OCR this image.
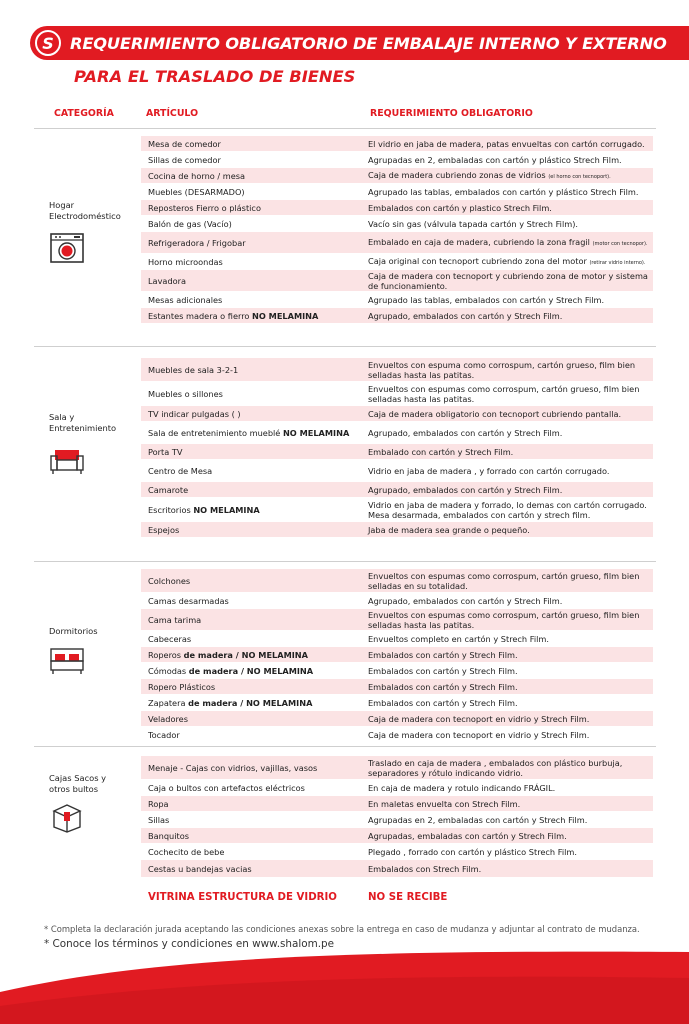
S REQUERIMIENTO OBLIGATORIO DE EMBALAJE INTERNO Y EXTERNO
PARA EL TRASLADO DE BIENES
CATEGORÍA	ARTÍCULO	REQUERIMIENTO OBLIGATORIO
Hogar
Electrodoméstico
Mesa de comedor	El vidrio en jaba de madera, patas envueltas con cartón corrugado.
Sillas de comedor	Agrupadas en 2, embaladas con cartón y plástico Strech Film.
Cocina de horno / mesa	Caja de madera cubriendo zonas de vidrios (el horno con tecnoport).
Muebles (DESARMADO)	Agrupado las tablas, embalados con cartón y plástico Strech Film.
Reposteros Fierro o plástico	Embalados con cartón y plastico Strech Film.
Balón de gas (Vacío)	Vacío sin gas (válvula tapada cartón y Strech Film).
Refrigeradora / Frigobar	Embalado en caja de madera, cubriendo la zona fragil (motor con tecnopor).
Horno microondas	Caja original con tecnoport cubriendo zona del motor (retirar vidrio interno).
Lavadora	Caja de madera con tecnoport y cubriendo zona de motor y sistema de funcionamiento.
Mesas adicionales	Agrupado las tablas, embalados con cartón y Strech Film.
Estantes madera o fierro NO MELAMINA	Agrupado, embalados con cartón y Strech Film.
Sala y
Entretenimiento
Muebles de sala 3-2-1	Envueltos con espuma como corrospum, cartón grueso, film bien selladas hasta las patitas.
Muebles o sillones	Envueltos con espumas como corrospum, cartón grueso, film bien selladas hasta las patitas.
TV indicar pulgadas ( )	Caja de madera obligatorio con tecnoport cubriendo pantalla.
Sala de entretenimiento mueblé NO MELAMINA	Agrupado, embalados con cartón y Strech Film.
Porta TV	Embalado con cartón y Strech Film.
Centro de Mesa	Vidrio en jaba de madera , y forrado con cartón corrugado.
Camarote	Agrupado, embalados con cartón y Strech Film.
Escritorios NO MELAMINA	Vidrio en jaba de madera y forrado, lo demas con cartón corrugado. Mesa desarmada, embalados con cartón y strech film.
Espejos	Jaba de madera sea grande o pequeño.
Dormitorios
Colchones	Envueltos con espumas como corrospum, cartón grueso, film bien selladas en su totalidad.
Camas desarmadas	Agrupado, embalados con cartón y Strech Film.
Cama tarima	Envueltos con espumas como corrospum, cartón grueso, film bien selladas hasta las patitas.
Cabeceras	Envueltos completo en cartón y Strech Film.
Roperos de madera / NO MELAMINA	Embalados con cartón y Strech Film.
Cómodas de madera / NO MELAMINA	Embalados con cartón y Strech Film.
Ropero Plásticos	Embalados con cartón y Strech Film.
Zapatera de madera / NO MELAMINA	Embalados con cartón y Strech Film.
Veladores	Caja de madera con tecnoport en vidrio y Strech Film.
Tocador	Caja de madera con tecnoport en vidrio y Strech Film.
Cajas Sacos y
otros bultos
Menaje - Cajas con vidrios, vajillas, vasos	Traslado en caja de madera , embalados con plástico burbuja, separadores y rótulo indicando vidrio.
Caja o bultos con artefactos eléctricos	En caja de madera y rotulo indicando FRÁGIL.
Ropa	En maletas envuelta con Strech Film.
Sillas	Agrupadas en 2, embaladas con cartón y Strech Film.
Banquitos	Agrupadas, embaladas con cartón y Strech Film.
Cochecito de bebe	Plegado , forrado con cartón y plástico Strech Film.
Cestas u bandejas vacias	Embalados con Strech Film.
VITRINA ESTRUCTURA DE VIDRIO	NO SE RECIBE
* Completa la declaración jurada aceptando las condiciones anexas sobre la entrega en caso de mudanza y adjuntar al contrato de mudanza.
* Conoce los términos y condiciones en www.shalom.pe
